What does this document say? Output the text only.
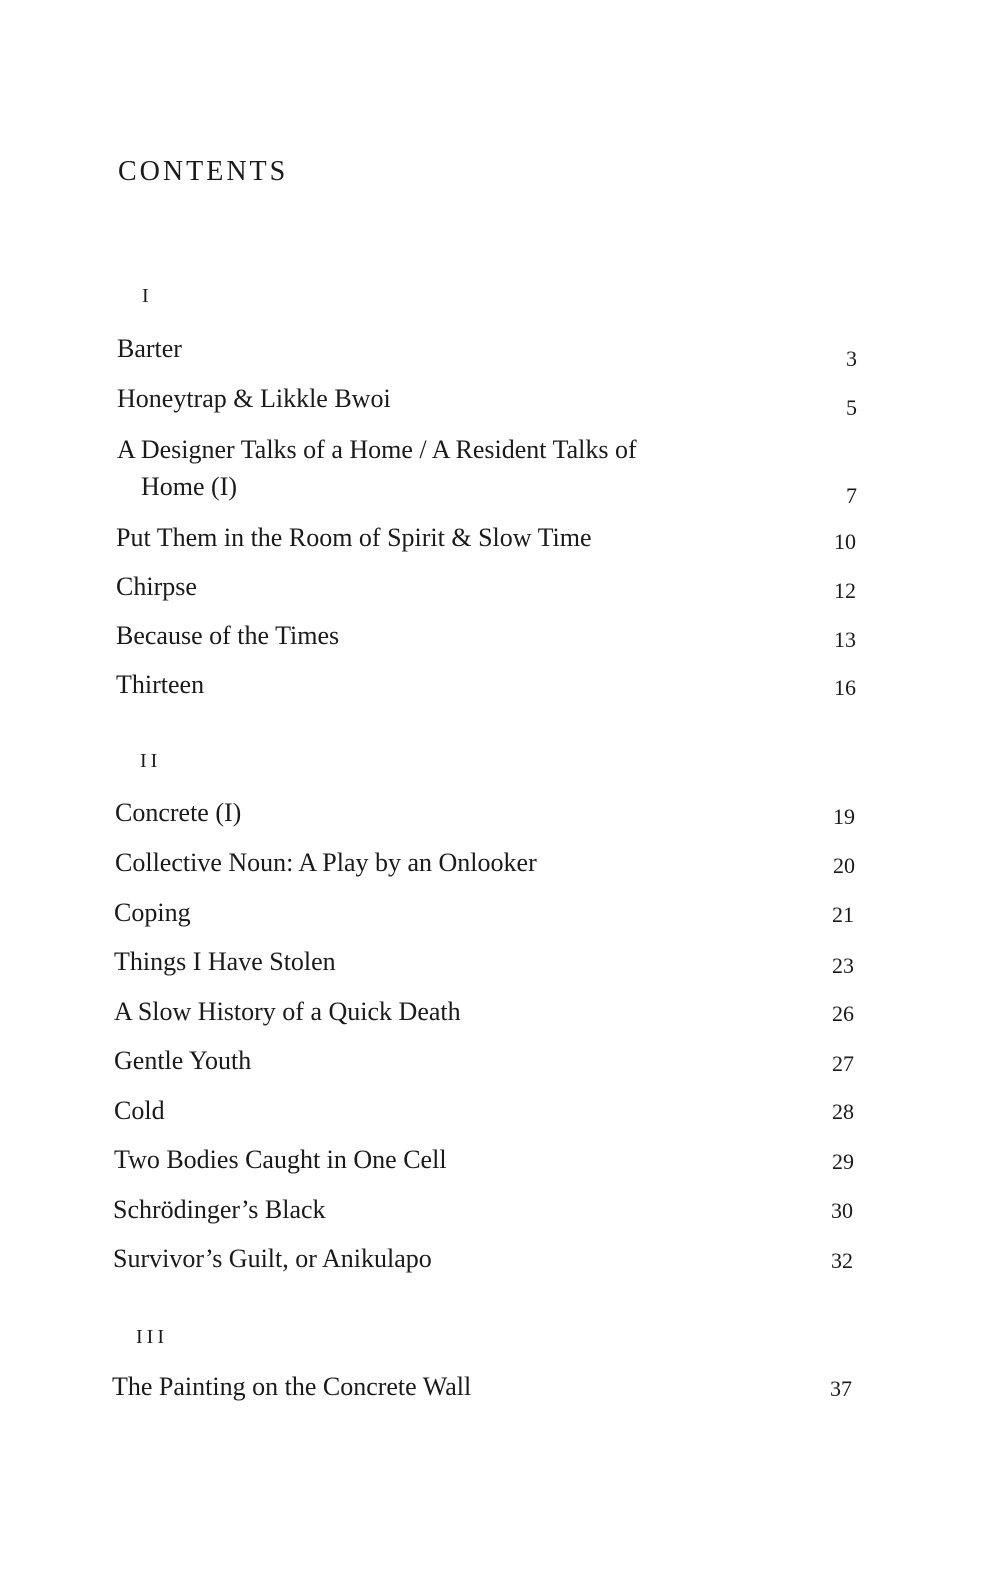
CONTENTS
I
Barter	3
Honeytrap & Likkle Bwoi	5
A Designer Talks of a Home / A Resident Talks of
Home (I)	7
Put Them in the Room of Spirit & Slow Time	10
Chirpse	12
Because of the Times	13
Thirteen	16
II
Concrete (I)	19
Collective Noun: A Play by an Onlooker	20
Coping	21
Things I Have Stolen	23
A Slow History of a Quick Death	26
Gentle Youth	27
Cold	28
Two Bodies Caught in One Cell	29
Schrödinger’s Black	30
Survivor’s Guilt, or Anikulapo	32
III
The Painting on the Concrete Wall	37
